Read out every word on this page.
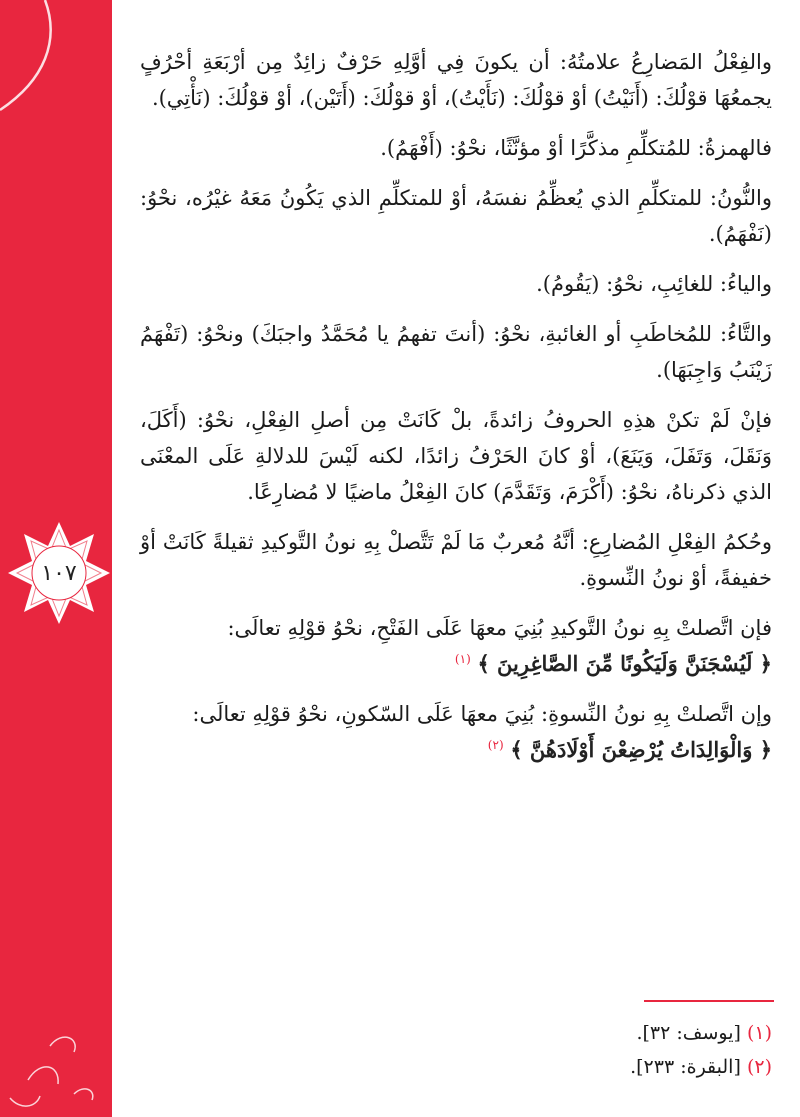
١٠٧

والفِعْلُ المَضارِعُ علامتُهُ: أن يكونَ فِي أوَّلِهِ حَرْفٌ زائِدٌ مِن أرْبَعَةِ أحْرُفٍ يجمعُهَا قوْلُكَ: (أَنَيْتُ) أوْ قوْلُكَ: (نَأَيْتُ)، أوْ قوْلُكَ: (أَتَيْن)، أوْ قوْلُكَ: (نَأْتِي).

فالهمزةُ: للمُتكلِّمِ مذكَّرًا أوْ مؤنَّثًا، نحْوُ: (أَفْهَمُ).

والنُّونُ: للمتكلِّمِ الذي يُعظِّمُ نفسَهُ، أوْ للمتكلِّمِ الذي يَكُونُ مَعَهُ غيْرُه، نحْوُ: (نَفْهَمُ).

والياءُ: للغائِبِ، نحْوُ: (يَقُومُ).

والتَّاءُ: للمُخاطَبِ أو الغائبةِ، نحْوُ: (أنتَ تفهمُ يا مُحَمَّدُ واجبَكَ) ونحْوُ: (تَفْهَمُ زَيْنَبُ وَاجِبَهَا).

فإنْ لَمْ تكنْ هذِهِ الحروفُ زائدةً، بلْ كَانَتْ مِن أصلِ الفِعْلِ، نحْوُ: (أَكَلَ، وَنَقَلَ، وَتَفَلَ، وَيَنَعَ)، أوْ كانَ الحَرْفُ زائدًا، لكنه لَيْسَ للدلالةِ عَلَى المعْنَى الذي ذكرناهُ، نحْوُ: (أَكْرَمَ، وَتَقَدَّمَ) كانَ الفِعْلُ ماضيًا لا مُضارِعًا.

وحُكمُ الفِعْلِ المُضارِعِ: أنَّهُ مُعربٌ مَا لَمْ تَتَّصلْ بِهِ نونُ التَّوكيدِ ثقيلةً كَانَتْ أوْ خفيفةً، أوْ نونُ النِّسوةِ.

فإن اتَّصلتْ بِهِ نونُ التَّوكيدِ بُنِيَ معهَا عَلَى الفَتْحِ، نحْوُ قوْلِهِ تعالَى:

﴿ لَيُسْجَنَنَّ وَلَيَكُونًا مِّنَ الصَّاغِرِينَ ﴾ $^{(١)}$

وإن اتَّصلتْ بِهِ نونُ النِّسوةِ: بُنِيَ معهَا عَلَى السّكونِ، نحْوُ قوْلِهِ تعالَى:

﴿ وَالْوَالِدَاتُ يُرْضِعْنَ أَوْلَادَهُنَّ ﴾ $^{(٢)}$

(١) [يوسف: ٣٢].
(٢) [البقرة: ٢٣٣].
